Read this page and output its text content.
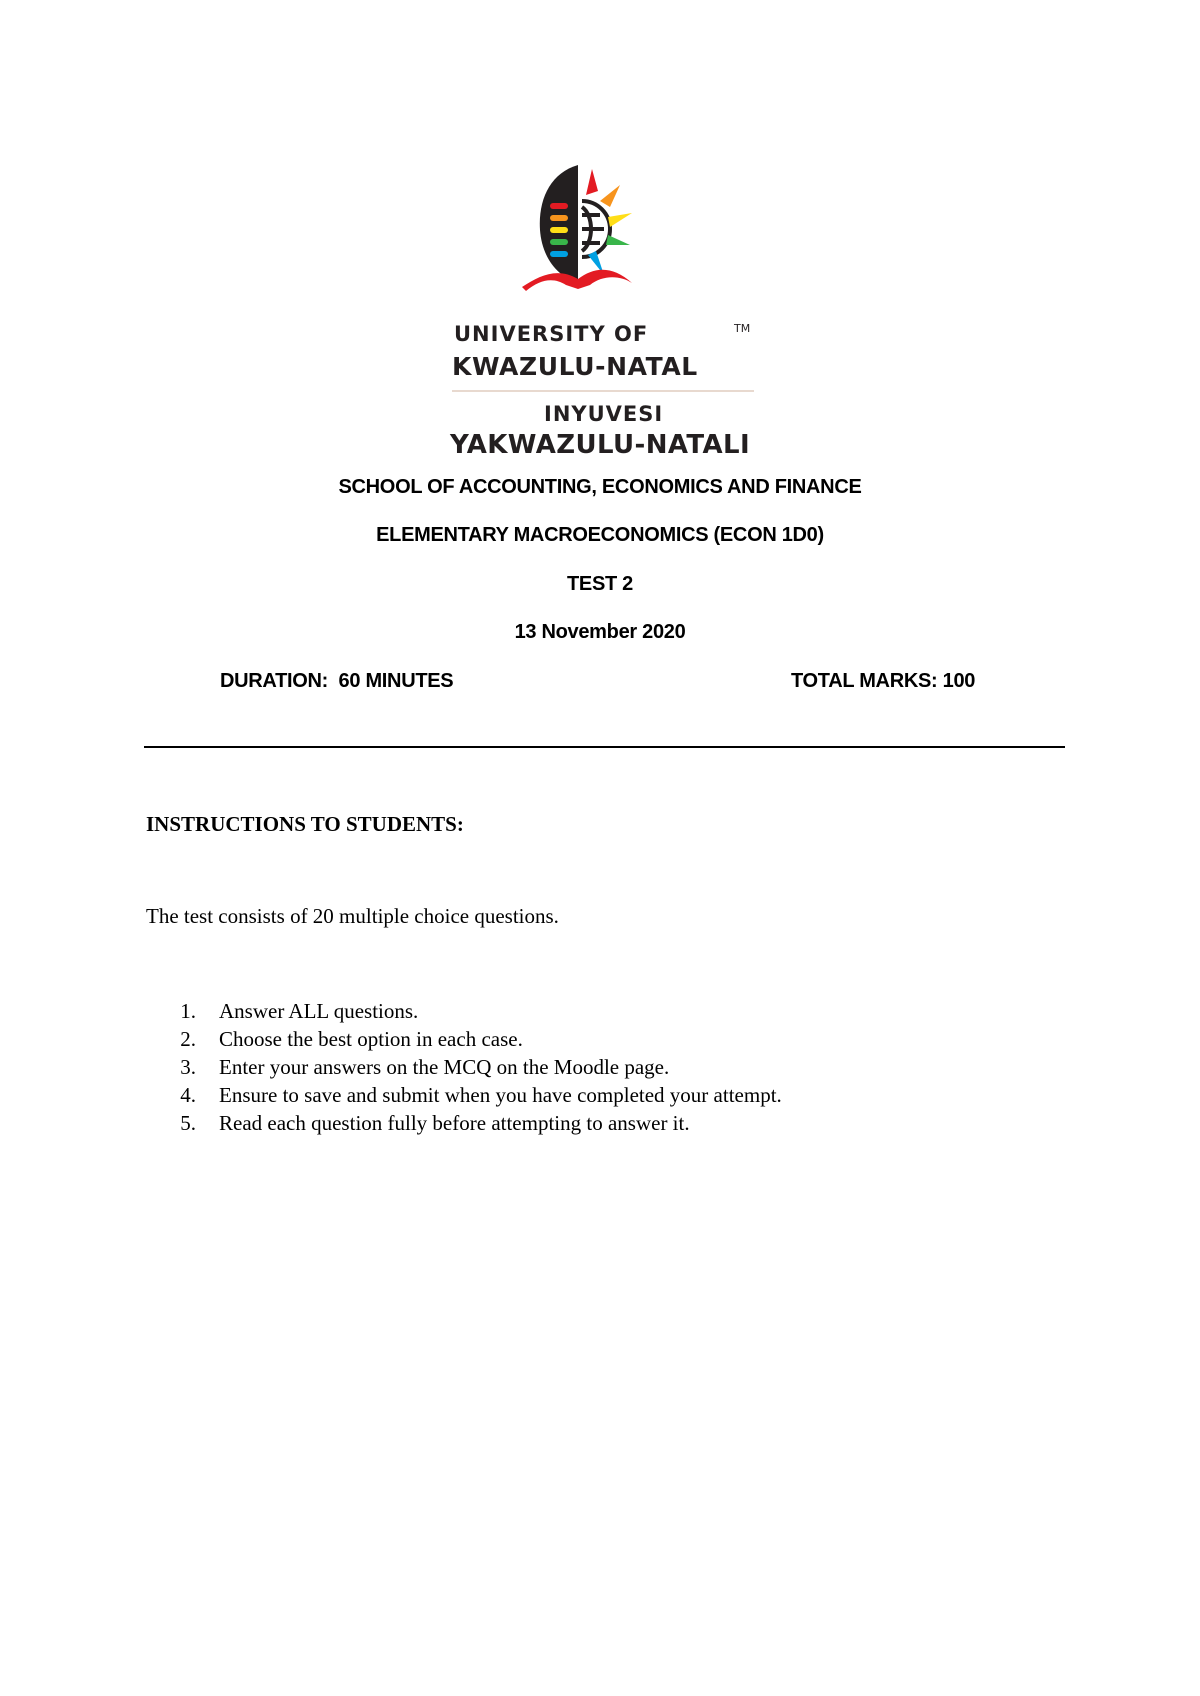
UNIVERSITY OF	TM
KWAZULU-NATAL
INYUVESI
YAKWAZULU-NATALI
SCHOOL OF ACCOUNTING, ECONOMICS AND FINANCE
ELEMENTARY MACROECONOMICS (ECON 1D0)
TEST 2
13 November 2020
DURATION:  60 MINUTES	TOTAL MARKS: 100
INSTRUCTIONS TO STUDENTS:
The test consists of 20 multiple choice questions.
1. Answer ALL questions.
2. Choose the best option in each case.
3. Enter your answers on the MCQ on the Moodle page.
4. Ensure to save and submit when you have completed your attempt.
5. Read each question fully before attempting to answer it.
